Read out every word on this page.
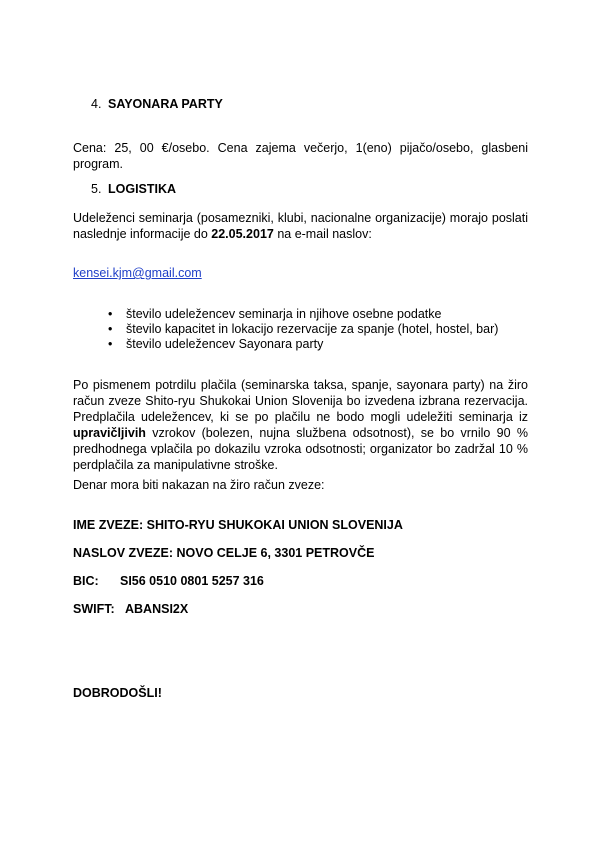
4. SAYONARA PARTY
Cena: 25, 00 €/osebo. Cena zajema večerjo, 1(eno) pijačo/osebo, glasbeni program.
5. LOGISTIKA
Udeleženci seminarja (posamezniki, klubi, nacionalne organizacije) morajo poslati naslednje informacije do 22.05.2017 na e-mail naslov:
kensei.kjm@gmail.com
• število udeležencev seminarja in njihove osebne podatke
• število kapacitet in lokacijo rezervacije za spanje (hotel, hostel, bar)
• število udeležencev Sayonara party
Po pismenem potrdilu plačila (seminarska taksa, spanje, sayonara party) na žiro račun zveze Shito-ryu Shukokai Union Slovenija bo izvedena izbrana rezervacija. Predplačila udeležencev, ki se po plačilu ne bodo mogli udeležiti seminarja iz upravičljivih vzrokov (bolezen, nujna službena odsotnost), se bo vrnilo 90 % predhodnega vplačila po dokazilu vzroka odsotnosti; organizator bo zadržal 10 % perdplačila za manipulativne stroške.
Denar mora biti nakazan na žiro račun zveze:
IME ZVEZE: SHITO-RYU SHUKOKAI UNION SLOVENIJA
NASLOV ZVEZE: NOVO CELJE 6, 3301 PETROVČE
BIC: SI56 0510 0801 5257 316
SWIFT: ABANSI2X
DOBRODOŠLI!
